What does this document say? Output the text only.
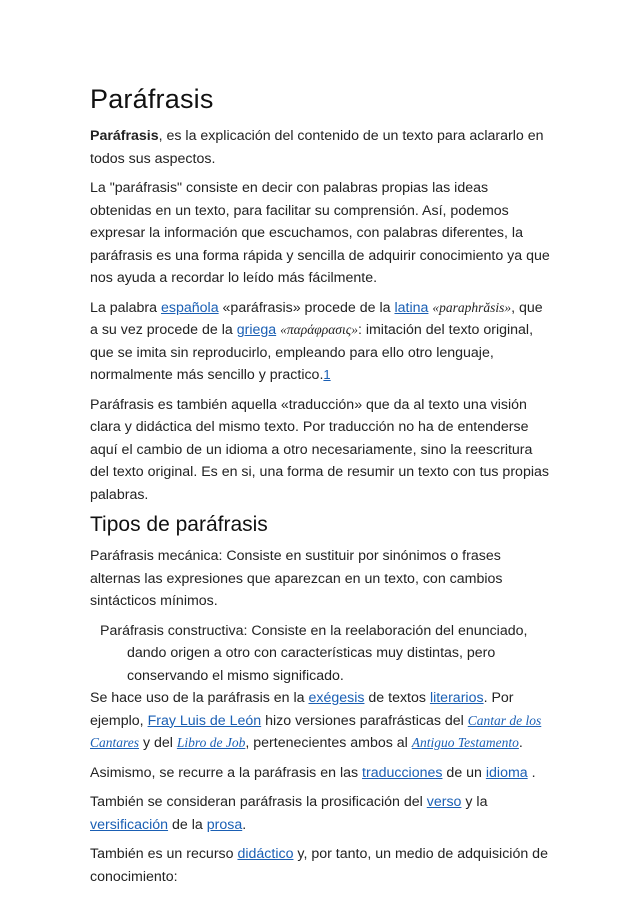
Paráfrasis

Paráfrasis, es la explicación del contenido de un texto para aclararlo en todos sus aspectos.

La "paráfrasis" consiste en decir con palabras propias las ideas obtenidas en un texto, para facilitar su comprensión. Así, podemos expresar la información que escuchamos, con palabras diferentes, la paráfrasis es una forma rápida y sencilla de adquirir conocimiento ya que nos ayuda a recordar lo leído más fácilmente.

La palabra española «paráfrasis» procede de la latina «paraphrăsis», que a su vez procede de la griega «παράφρασις»: imitación del texto original, que se imita sin reproducirlo, empleando para ello otro lenguaje, normalmente más sencillo y practico.1

Paráfrasis es también aquella «traducción» que da al texto una visión clara y didáctica del mismo texto. Por traducción no ha de entenderse aquí el cambio de un idioma a otro necesariamente, sino la reescritura del texto original. Es en si, una forma de resumir un texto con tus propias palabras.

Tipos de paráfrasis

Paráfrasis mecánica: Consiste en sustituir por sinónimos o frases alternas las expresiones que aparezcan en un texto, con cambios sintácticos mínimos.

Paráfrasis constructiva: Consiste en la reelaboración del enunciado, dando origen a otro con características muy distintas, pero conservando el mismo significado.

Se hace uso de la paráfrasis en la exégesis de textos literarios. Por ejemplo, Fray Luis de León hizo versiones parafrásticas del Cantar de los Cantares y del Libro de Job, pertenecientes ambos al Antiguo Testamento.

Asimismo, se recurre a la paráfrasis en las traducciones de un idioma .

También se consideran paráfrasis la prosificación del verso y la versificación de la prosa.

También es un recurso didáctico y, por tanto, un medio de adquisición de conocimiento:
